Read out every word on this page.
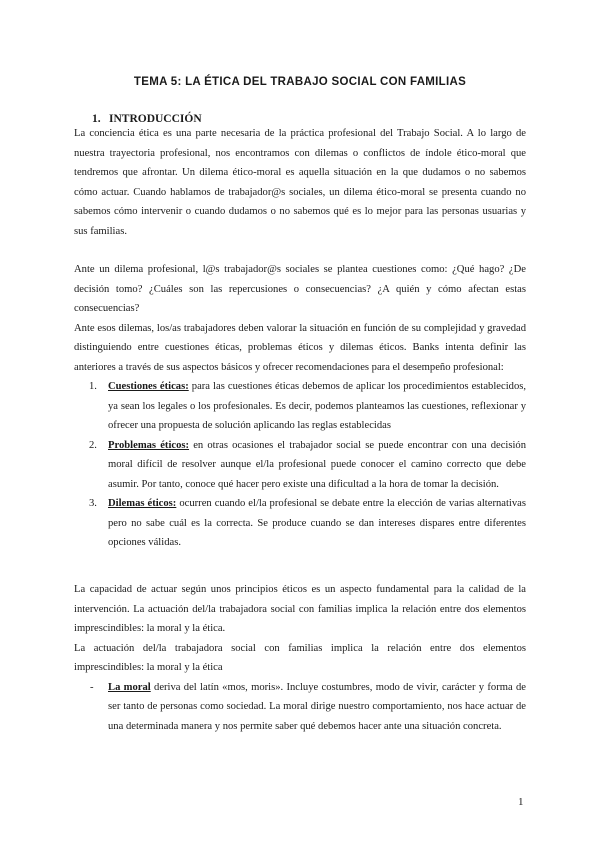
TEMA 5: LA ÉTICA DEL TRABAJO SOCIAL CON FAMILIAS
1. INTRODUCCIÓN

La conciencia ética es una parte necesaria de la práctica profesional del Trabajo Social. A lo largo de nuestra trayectoria profesional, nos encontramos con dilemas o conflictos de índole ético-moral que tendremos que afrontar. Un dilema ético-moral es aquella situación en la que dudamos o no sabemos cómo actuar. Cuando hablamos de trabajador@s sociales, un dilema ético-moral se presenta cuando no sabemos cómo intervenir o cuando dudamos o no sabemos qué es lo mejor para las personas usuarias y sus familias.

Ante un dilema profesional, l@s trabajador@s sociales se plantea cuestiones como: ¿Qué hago? ¿De decisión tomo? ¿Cuáles son las repercusiones o consecuencias? ¿A quién y cómo afectan estas consecuencias?

Ante esos dilemas, los/as trabajadores deben valorar la situación en función de su complejidad y gravedad distinguiendo entre cuestiones éticas, problemas éticos y dilemas éticos. Banks intenta definir las anteriores a través de sus aspectos básicos y ofrecer recomendaciones para el desempeño profesional:

1. Cuestiones éticas: para las cuestiones éticas debemos de aplicar los procedimientos establecidos, ya sean los legales o los profesionales. Es decir, podemos planteamos las cuestiones, reflexionar y ofrecer una propuesta de solución aplicando las reglas establecidas
2. Problemas éticos: en otras ocasiones el trabajador social se puede encontrar con una decisión moral difícil de resolver aunque el/la profesional puede conocer el camino correcto que debe asumir. Por tanto, conoce qué hacer pero existe una dificultad a la hora de tomar la decisión.
3. Dilemas éticos: ocurren cuando el/la profesional se debate entre la elección de varias alternativas pero no sabe cuál es la correcta. Se produce cuando se dan intereses dispares entre diferentes opciones válidas.

La capacidad de actuar según unos principios éticos es un aspecto fundamental para la calidad de la intervención. La actuación del/la trabajadora social con familias implica la relación entre dos elementos imprescindibles: la moral y la ética.

La actuación del/la trabajadora social con familias implica la relación entre dos elementos imprescindibles: la moral y la ética

- La moral deriva del latín «mos, moris». Incluye costumbres, modo de vivir, carácter y forma de ser tanto de personas como sociedad. La moral dirige nuestro comportamiento, nos hace actuar de una determinada manera y nos permite saber qué debemos hacer ante una situación concreta.
1
